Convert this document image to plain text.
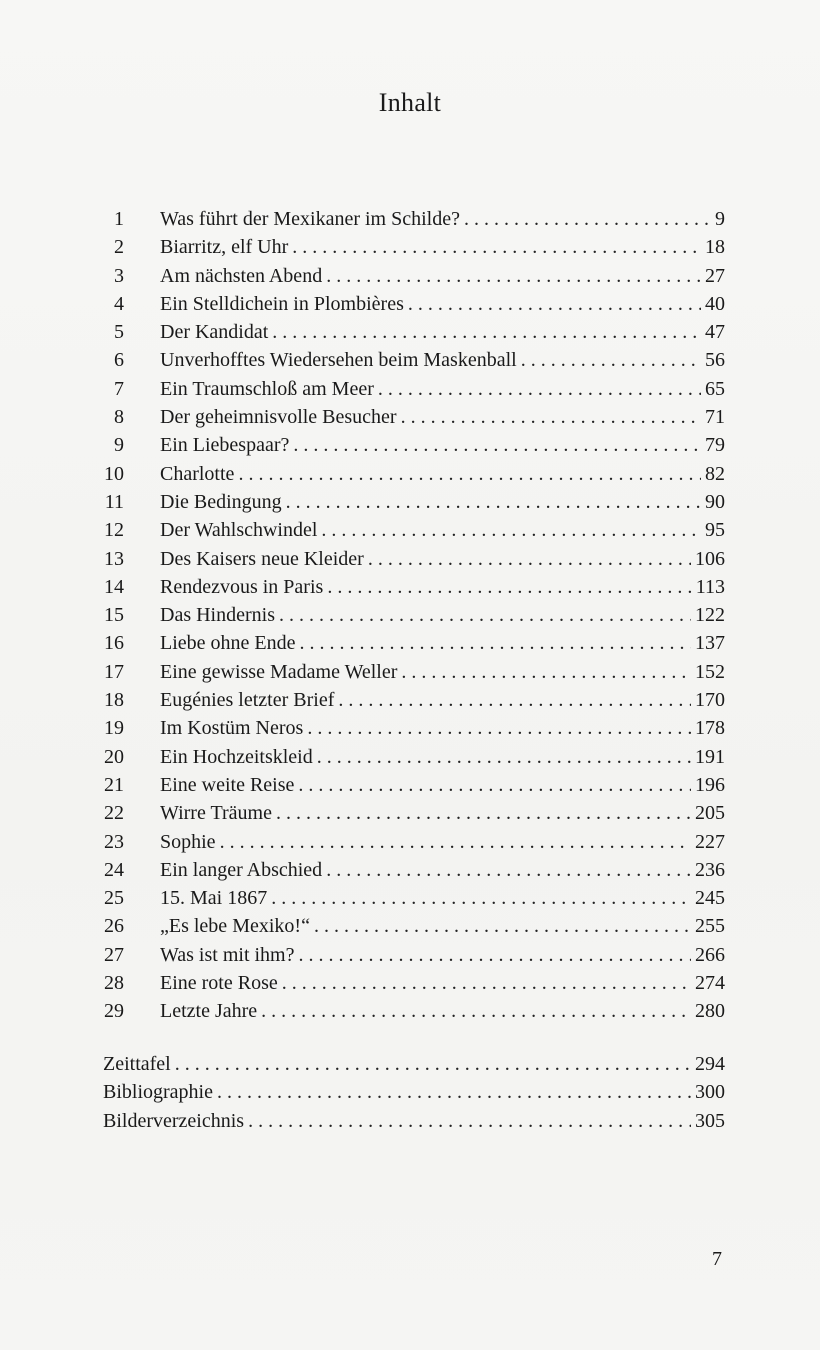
Inhalt
1 Was führt der Mexikaner im Schilde? . . .	9
2 Biarritz, elf Uhr . . .	18
3 Am nächsten Abend . . .	27
4 Ein Stelldichein in Plombières . . .	40
5 Der Kandidat . . .	47
6 Unverhofftes Wiedersehen beim Maskenball . . .	56
7 Ein Traumschloß am Meer . . .	65
8 Der geheimnisvolle Besucher . . .	71
9 Ein Liebespaar? . . .	79
10 Charlotte . . .	82
11 Die Bedingung . . .	90
12 Der Wahlschwindel . . .	95
13 Des Kaisers neue Kleider . . .	106
14 Rendezvous in Paris . . .	113
15 Das Hindernis . . .	122
16 Liebe ohne Ende . . .	137
17 Eine gewisse Madame Weller . . .	152
18 Eugénies letzter Brief . . .	170
19 Im Kostüm Neros . . .	178
20 Ein Hochzeitskleid . . .	191
21 Eine weite Reise . . .	196
22 Wirre Träume . . .	205
23 Sophie . . .	227
24 Ein langer Abschied . . .	236
25 15. Mai 1867 . . .	245
26 „Es lebe Mexiko!“ . . .	255
27 Was ist mit ihm? . . .	266
28 Eine rote Rose . . .	274
29 Letzte Jahre . . .	280
Zeittafel . . .	294
Bibliographie . . .	300
Bilderverzeichnis . . .	305
7
